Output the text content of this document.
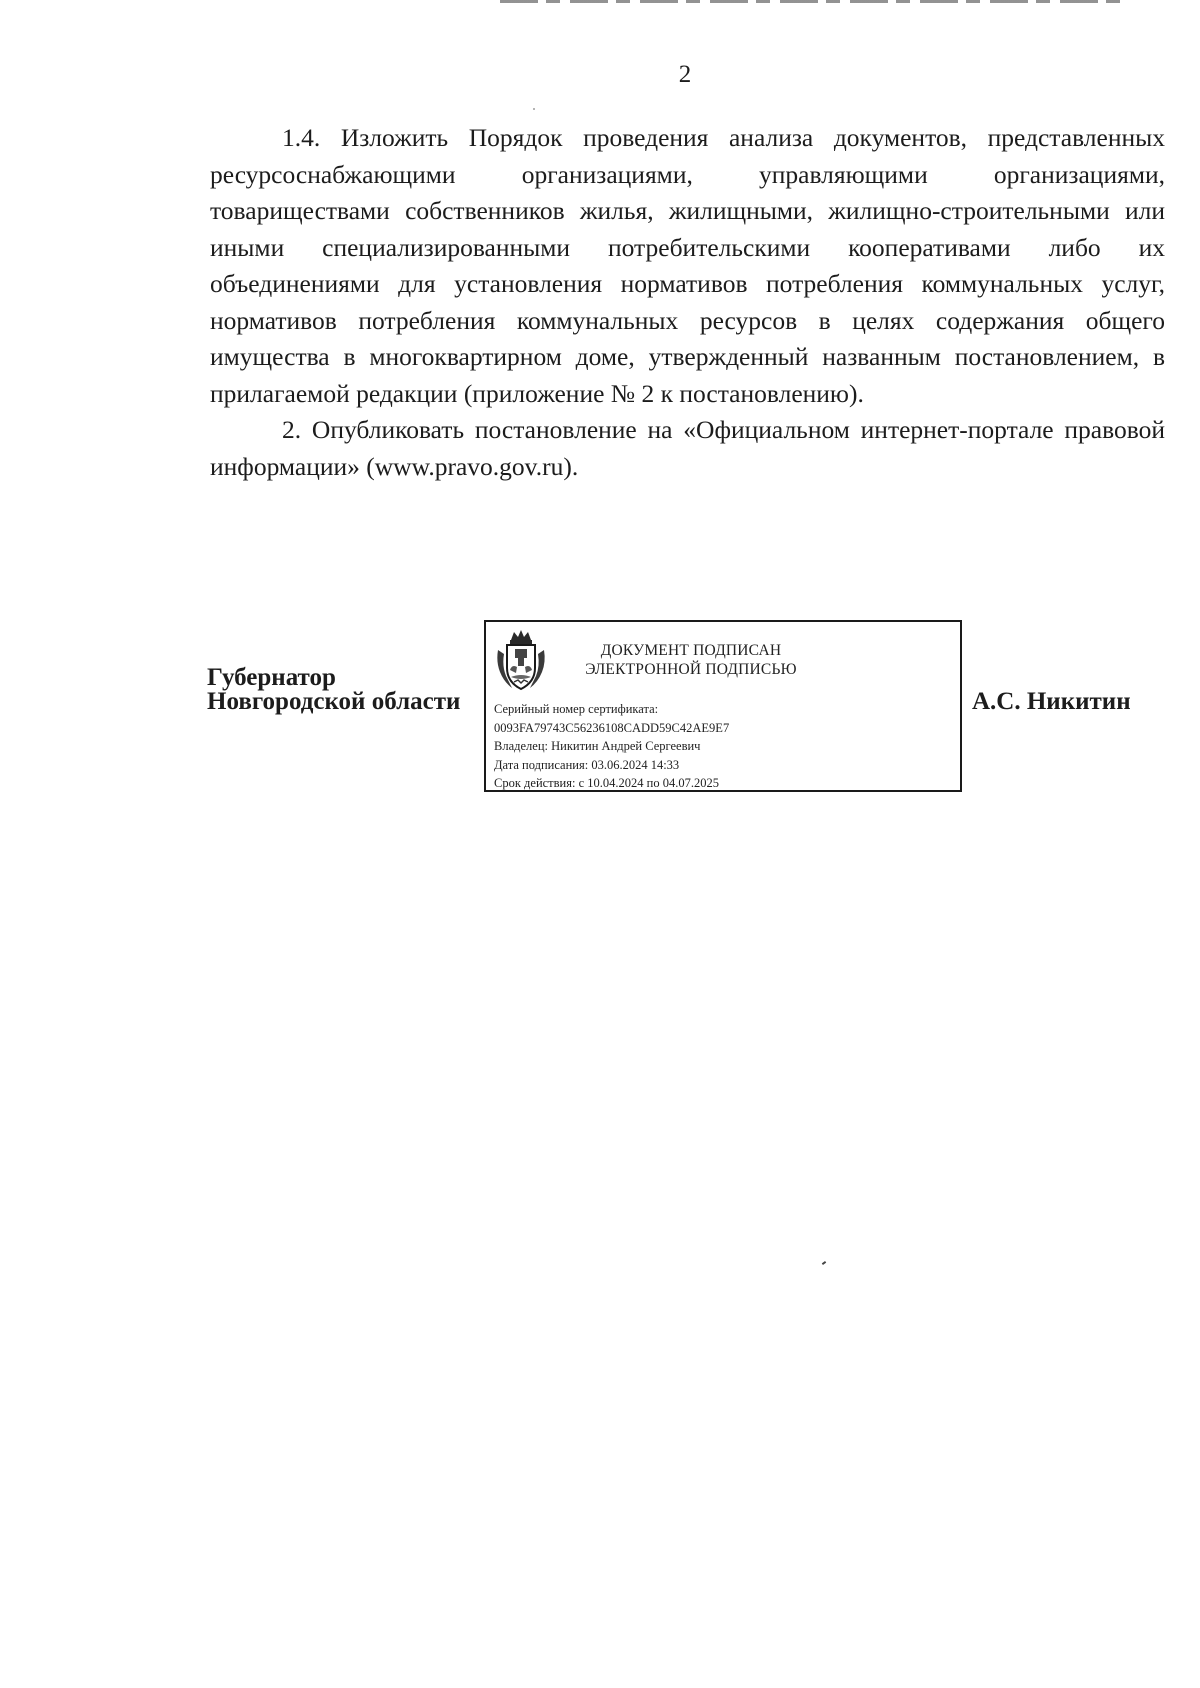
2

1.4. Изложить Порядок проведения анализа документов, представленных ресурсоснабжающими организациями, управляющими организациями, товариществами собственников жилья, жилищными, жилищно-строительными или иными специализированными потребительскими кооперативами либо их объединениями для установления нормативов потребления коммунальных услуг, нормативов потребления коммунальных ресурсов в целях содержания общего имущества в многоквартирном доме, утвержденный названным постановлением, в прилагаемой редакции (приложение № 2 к постановлению).

2. Опубликовать постановление на «Официальном интернет-портале правовой информации» (www.pravo.gov.ru).

Губернатор
Новгородской области
ДОКУМЕНТ ПОДПИСАН
ЭЛЕКТРОННОЙ ПОДПИСЬЮ
Серийный номер сертификата:
0093FA79743C56236108CADD59C42AE9E7
Владелец: Никитин Андрей Сергеевич
Дата подписания: 03.06.2024 14:33
Срок действия: с 10.04.2024 по 04.07.2025
А.С. Никитин
